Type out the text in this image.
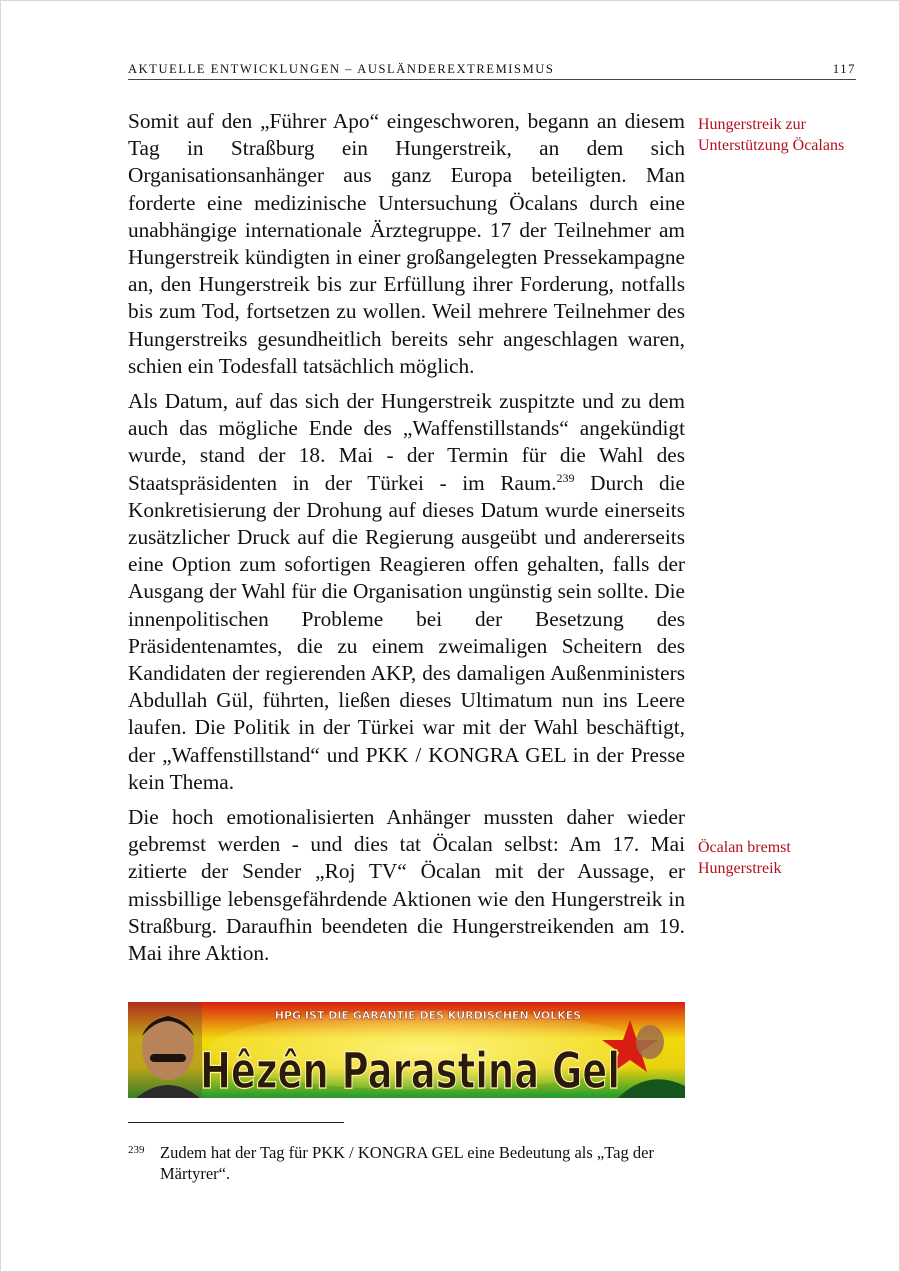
AKTUELLE ENTWICKLUNGEN – AUSLÄNDEREXTREMISMUS	117

Somit auf den „Führer Apo“ eingeschworen, begann an diesem Tag in Straßburg ein Hungerstreik, an dem sich Organisationsanhänger aus ganz Europa beteiligten. Man forderte eine medizinische Untersuchung Öcalans durch eine unabhängige internationale Ärztegruppe. 17 der Teilnehmer am Hungerstreik kündigten in einer großangelegten Pressekampagne an, den Hungerstreik bis zur Erfüllung ihrer Forderung, notfalls bis zum Tod, fortsetzen zu wollen. Weil mehrere Teilnehmer des Hungerstreiks gesundheitlich bereits sehr angeschlagen waren, schien ein Todesfall tatsächlich möglich.

Als Datum, auf das sich der Hungerstreik zuspitzte und zu dem auch das mögliche Ende des „Waffenstillstands“ angekündigt wurde, stand der 18. Mai - der Termin für die Wahl des Staatspräsidenten in der Türkei - im Raum.$^{239}$ Durch die Konkretisierung der Drohung auf dieses Datum wurde einerseits zusätzlicher Druck auf die Regierung ausgeübt und andererseits eine Option zum sofortigen Reagieren offen gehalten, falls der Ausgang der Wahl für die Organisation ungünstig sein sollte. Die innenpolitischen Probleme bei der Besetzung des Präsidentenamtes, die zu einem zweimaligen Scheitern des Kandidaten der regierenden AKP, des damaligen Außenministers Abdullah Gül, führten, ließen dieses Ultimatum nun ins Leere laufen. Die Politik in der Türkei war mit der Wahl beschäftigt, der „Waffenstillstand“ und PKK / KONGRA GEL in der Presse kein Thema.

Die hoch emotionalisierten Anhänger mussten daher wieder gebremst werden - und dies tat Öcalan selbst: Am 17. Mai zitierte der Sender „Roj TV“ Öcalan mit der Aussage, er missbillige lebensgefährdende Aktionen wie den Hungerstreik in Straßburg. Daraufhin beendeten die Hungerstreikenden am 19. Mai ihre Aktion.

Hungerstreik zur Unterstützung Öcalans
Öcalan bremst Hungerstreik
HPG IST DIE GARANTIE DES KURDISCHEN VOLKES
Hêzên Parastina Gel
239 Zudem hat der Tag für PKK / KONGRA GEL eine Bedeutung als „Tag der Märtyrer“.
